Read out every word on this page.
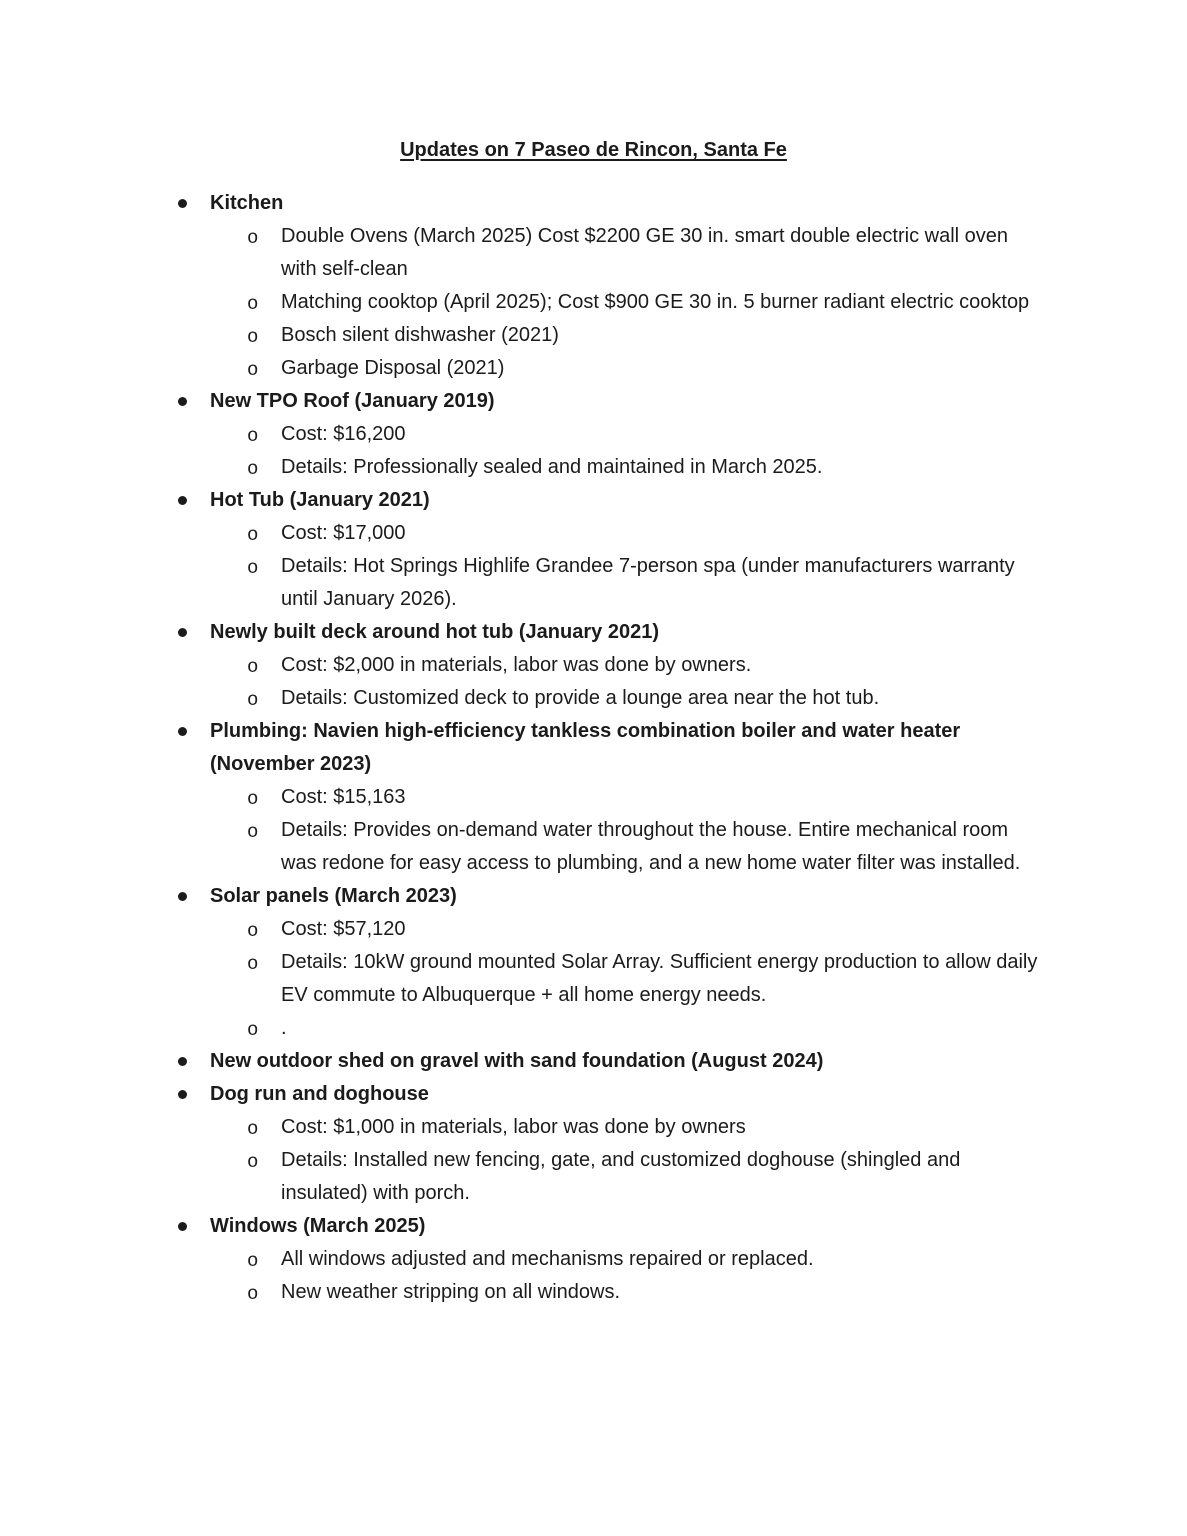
Updates on 7 Paseo de Rincon, Santa Fe
Kitchen
o Double Ovens (March 2025) Cost $2200 GE 30 in. smart double electric wall oven with self-clean
o Matching cooktop (April 2025); Cost $900 GE 30 in. 5 burner radiant electric cooktop
o Bosch silent dishwasher (2021)
o Garbage Disposal (2021)
New TPO Roof (January 2019)
o Cost: $16,200
o Details: Professionally sealed and maintained in March 2025.
Hot Tub (January 2021)
o Cost: $17,000
o Details: Hot Springs Highlife Grandee 7-person spa (under manufacturers warranty until January 2026).
Newly built deck around hot tub (January 2021)
o Cost: $2,000 in materials, labor was done by owners.
o Details: Customized deck to provide a lounge area near the hot tub.
Plumbing: Navien high-efficiency tankless combination boiler and water heater (November 2023)
o Cost: $15,163
o Details: Provides on-demand water throughout the house. Entire mechanical room was redone for easy access to plumbing, and a new home water filter was installed.
Solar panels (March 2023)
o Cost: $57,120
o Details: 10kW ground mounted Solar Array. Sufficient energy production to allow daily EV commute to Albuquerque + all home energy needs.
o .
New outdoor shed on gravel with sand foundation (August 2024)
Dog run and doghouse
o Cost: $1,000 in materials, labor was done by owners
o Details: Installed new fencing, gate, and customized doghouse (shingled and insulated) with porch.
Windows (March 2025)
o All windows adjusted and mechanisms repaired or replaced.
o New weather stripping on all windows.
